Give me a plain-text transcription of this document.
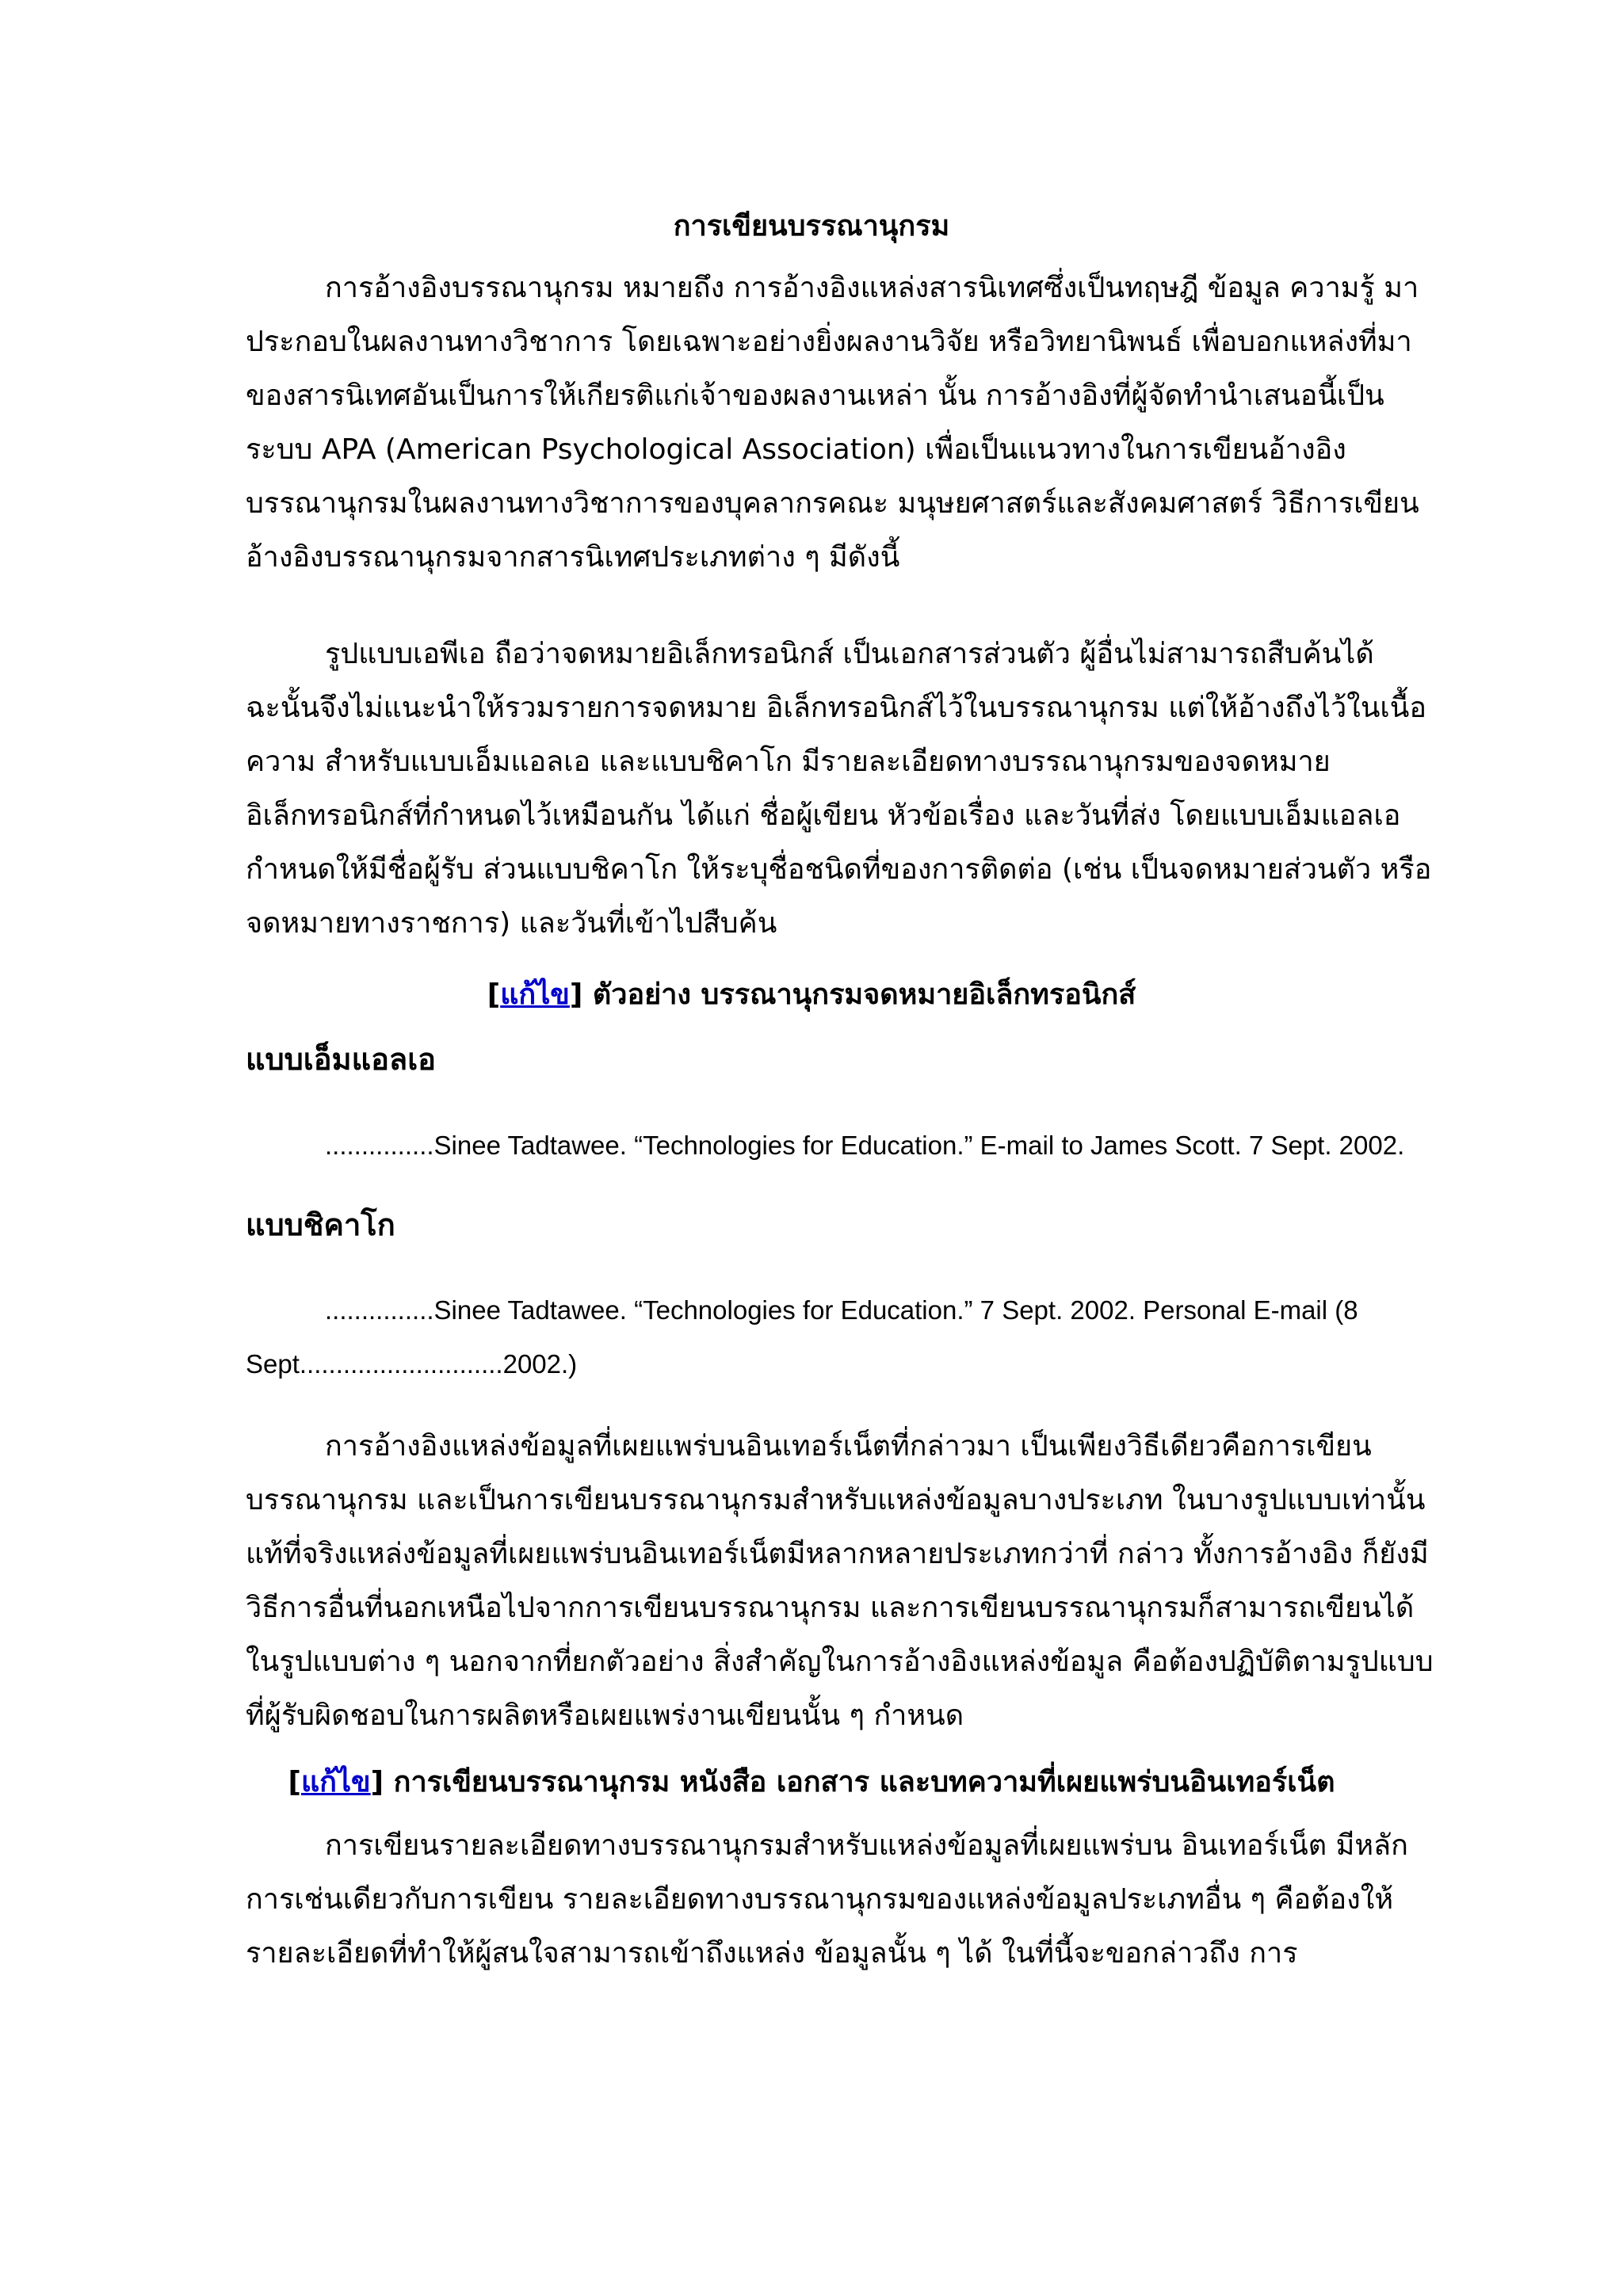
การเขียนบรรณานุกรม

การอ้างอิงบรรณานุกรม หมายถึง การอ้างอิงแหล่งสารนิเทศซึ่งเป็นทฤษฎี ข้อมูล ความรู้ มาประกอบในผลงานทางวิชาการ โดยเฉพาะอย่างยิ่งผลงานวิจัย หรือวิทยานิพนธ์ เพื่อบอกแหล่งที่มาของสารนิเทศอันเป็นการให้เกียรติแก่เจ้าของผลงานเหล่า นั้น การอ้างอิงที่ผู้จัดทำนำเสนอนี้เป็นระบบ APA (American Psychological Association) เพื่อเป็นแนวทางในการเขียนอ้างอิงบรรณานุกรมในผลงานทางวิชาการของบุคลากรคณะ มนุษยศาสตร์และสังคมศาสตร์ วิธีการเขียนอ้างอิงบรรณานุกรมจากสารนิเทศประเภทต่าง ๆ มีดังนี้

รูปแบบเอพีเอ ถือว่าจดหมายอิเล็กทรอนิกส์ เป็นเอกสารส่วนตัว ผู้อื่นไม่สามารถสืบค้นได้ ฉะนั้นจึงไม่แนะนำให้รวมรายการจดหมาย อิเล็กทรอนิกส์ไว้ในบรรณานุกรม แต่ให้อ้างถึงไว้ในเนื้อความ สำหรับแบบเอ็มแอลเอ และแบบชิคาโก มีรายละเอียดทางบรรณานุกรมของจดหมายอิเล็กทรอนิกส์ที่กำหนดไว้เหมือนกัน ได้แก่ ชื่อผู้เขียน หัวข้อเรื่อง และวันที่ส่ง โดยแบบเอ็มแอลเอกำหนดให้มีชื่อผู้รับ ส่วนแบบชิคาโก ให้ระบุชื่อชนิดที่ของการติดต่อ (เช่น เป็นจดหมายส่วนตัว หรือจดหมายทางราชการ) และวันที่เข้าไปสืบค้น

[แก้ไข] ตัวอย่าง บรรณานุกรมจดหมายอิเล็กทรอนิกส์
แบบเอ็มแอลเอ

...............Sinee Tadtawee. “Technologies for Education.” E-mail to James Scott. 7 Sept. 2002.

แบบชิคาโก

...............Sinee Tadtawee. “Technologies for Education.” 7 Sept. 2002. Personal E-mail (8 Sept............................2002.)

การอ้างอิงแหล่งข้อมูลที่เผยแพร่บนอินเทอร์เน็ตที่กล่าวมา เป็นเพียงวิธีเดียวคือการเขียนบรรณานุกรม และเป็นการเขียนบรรณานุกรมสำหรับแหล่งข้อมูลบางประเภท ในบางรูปแบบเท่านั้น แท้ที่จริงแหล่งข้อมูลที่เผยแพร่บนอินเทอร์เน็ตมีหลากหลายประเภทกว่าที่ กล่าว ทั้งการอ้างอิง ก็ยังมีวิธีการอื่นที่นอกเหนือไปจากการเขียนบรรณานุกรม และการเขียนบรรณานุกรมก็สามารถเขียนได้ในรูปแบบต่าง ๆ นอกจากที่ยกตัวอย่าง สิ่งสำคัญในการอ้างอิงแหล่งข้อมูล คือต้องปฏิบัติตามรูปแบบที่ผู้รับผิดชอบในการผลิตหรือเผยแพร่งานเขียนนั้น ๆ กำหนด

[แก้ไข] การเขียนบรรณานุกรม หนังสือ เอกสาร และบทความที่เผยแพร่บนอินเทอร์เน็ต

การเขียนรายละเอียดทางบรรณานุกรมสำหรับแหล่งข้อมูลที่เผยแพร่บน อินเทอร์เน็ต มีหลักการเช่นเดียวกับการเขียน รายละเอียดทางบรรณานุกรมของแหล่งข้อมูลประเภทอื่น ๆ คือต้องให้รายละเอียดที่ทำให้ผู้สนใจสามารถเข้าถึงแหล่ง ข้อมูลนั้น ๆ ได้ ในที่นี้จะขอกล่าวถึง การ
